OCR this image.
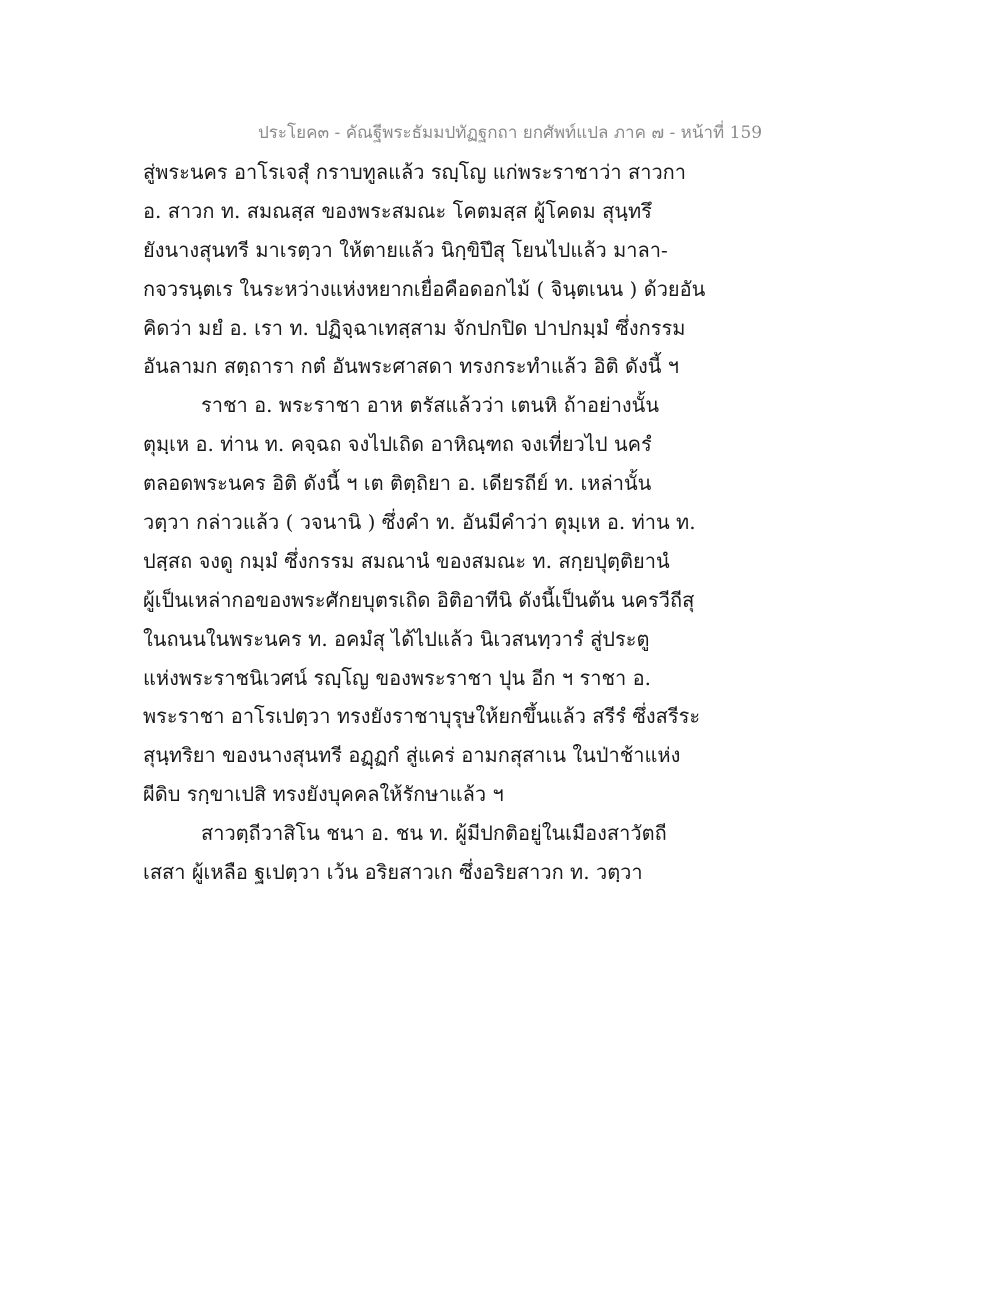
ประโยค๓ - คัณฐีพระธัมมปทัฏฐกถา ยกศัพท์แปล ภาค ๗ - หน้าที่ 159
สู่พระนคร อาโรเจสุํ กราบทูลแล้ว รญฺโญ แก่พระราชาว่า สาวกา
อ. สาวก ท. สมณสฺส ของพระสมณะ โคตมสฺส ผู้โคดม สุนฺทรึ
ยังนางสุนทรี มาเรตฺวา ให้ตายแล้ว นิกฺขิปึสุ โยนไปแล้ว มาลา-
กจวรนฺตเร ในระหว่างแห่งหยากเยื่อคือดอกไม้ ( จินฺตเนน ) ด้วยอัน
คิดว่า มยํ อ. เรา ท. ปฏิจฺฉาเทสฺสาม จักปกปิด ปาปกมฺมํ ซึ่งกรรม
อันลามก สตฺถารา กตํ อันพระศาสดา ทรงกระทำแล้ว อิติ ดังนี้ ฯ
ราชา อ. พระราชา อาห ตรัสแล้วว่า เตนหิ ถ้าอย่างนั้น
ตุมฺเห อ. ท่าน ท. คจฺฉถ จงไปเถิด อาหิณฺฑถ จงเที่ยวไป นครํ
ตลอดพระนคร อิติ ดังนี้ ฯ เต ติตฺถิยา อ. เดียรถีย์ ท. เหล่านั้น
วตฺวา กล่าวแล้ว ( วจนานิ ) ซึ่งคำ ท. อันมีคำว่า ตุมฺเห อ. ท่าน ท.
ปสฺสถ จงดู กมฺมํ ซึ่งกรรม สมณานํ ของสมณะ ท. สกฺยปุตฺติยานํ
ผู้เป็นเหล่ากอของพระศักยบุตรเถิด อิติอาทีนิ ดังนี้เป็นต้น นครวีถีสุ
ในถนนในพระนคร ท. อคมํสุ ได้ไปแล้ว นิเวสนทฺวารํ สู่ประตู
แห่งพระราชนิเวศน์ รญฺโญ ของพระราชา ปุน อีก ฯ ราชา อ.
พระราชา อาโรเปตฺวา ทรงยังราชาบุรุษให้ยกขึ้นแล้ว สรีรํ ซึ่งสรีระ
สุนฺทริยา ของนางสุนทรี อฏฺฏกํ สู่แคร่ อามกสุสาเน ในป่าช้าแห่ง
ผีดิบ รกฺขาเปสิ ทรงยังบุคคลให้รักษาแล้ว ฯ
สาวตฺถีวาสิโน ชนา อ. ชน ท. ผู้มีปกติอยู่ในเมืองสาวัตถี
เสสา ผู้เหลือ ฐเปตฺวา เว้น อริยสาวเก ซึ่งอริยสาวก ท. วตฺวา
